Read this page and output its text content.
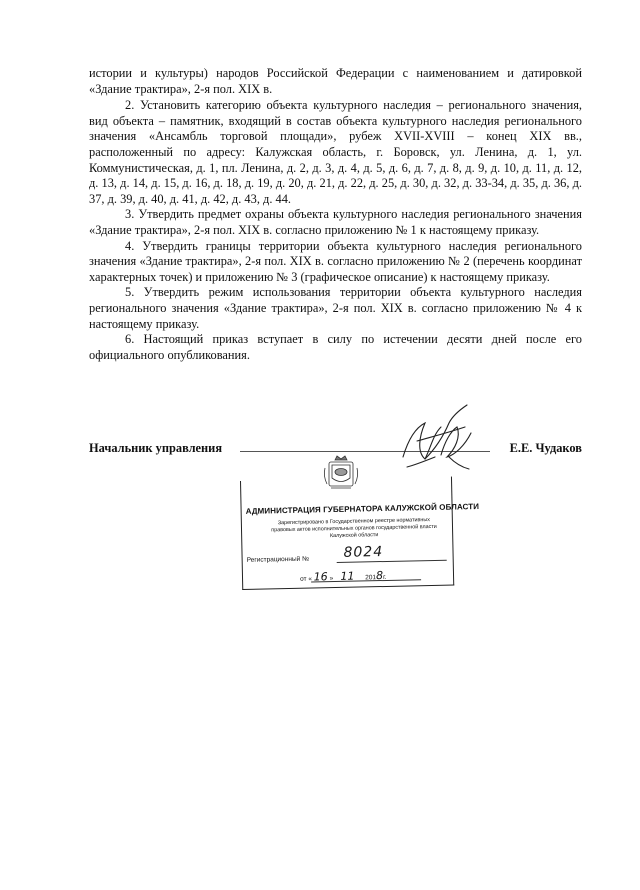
истории и культуры) народов Российской Федерации с наименованием и датировкой «Здание трактира», 2-я пол. XIX в.

2. Установить категорию объекта культурного наследия – регионального значения, вид объекта – памятник, входящий в состав объекта культурного наследия регионального значения «Ансамбль торговой площади», рубеж XVII-XVIII – конец XIX вв., расположенный по адресу: Калужская область, г. Боровск, ул. Ленина, д. 1, ул. Коммунистическая, д. 1, пл. Ленина, д. 2, д. 3, д. 4, д. 5, д. 6, д. 7, д. 8, д. 9, д. 10, д. 11, д. 12, д. 13, д. 14, д. 15, д. 16, д. 18, д. 19, д. 20, д. 21, д. 22, д. 25, д. 30, д. 32, д. 33-34, д. 35, д. 36, д. 37, д. 39, д. 40, д. 41, д. 42, д. 43, д. 44.

3. Утвердить предмет охраны объекта культурного наследия регионального значения «Здание трактира», 2-я пол. XIX в. согласно приложению № 1 к настоящему приказу.

4. Утвердить границы территории объекта культурного наследия регионального значения «Здание трактира», 2-я пол. XIX в. согласно приложению № 2 (перечень координат характерных точек) и приложению № 3 (графическое описание) к настоящему приказу.

5. Утвердить режим использования территории объекта культурного наследия регионального значения «Здание трактира», 2-я пол. XIX в. согласно приложению № 4 к настоящему приказу.

6. Настоящий приказ вступает в силу по истечении десяти дней после его официального опубликования.

Начальник управления	Е.Е. Чудаков
АДМИНИСТРАЦИЯ ГУБЕРНАТОРА КАЛУЖСКОЙ ОБЛАСТИ
Зарегистрировано в Государственном реестре нормативных
правовых актов исполнительных органов государственной власти
Калужской области
Регистрационный № 8024
от « 16 » 11 2018г.
